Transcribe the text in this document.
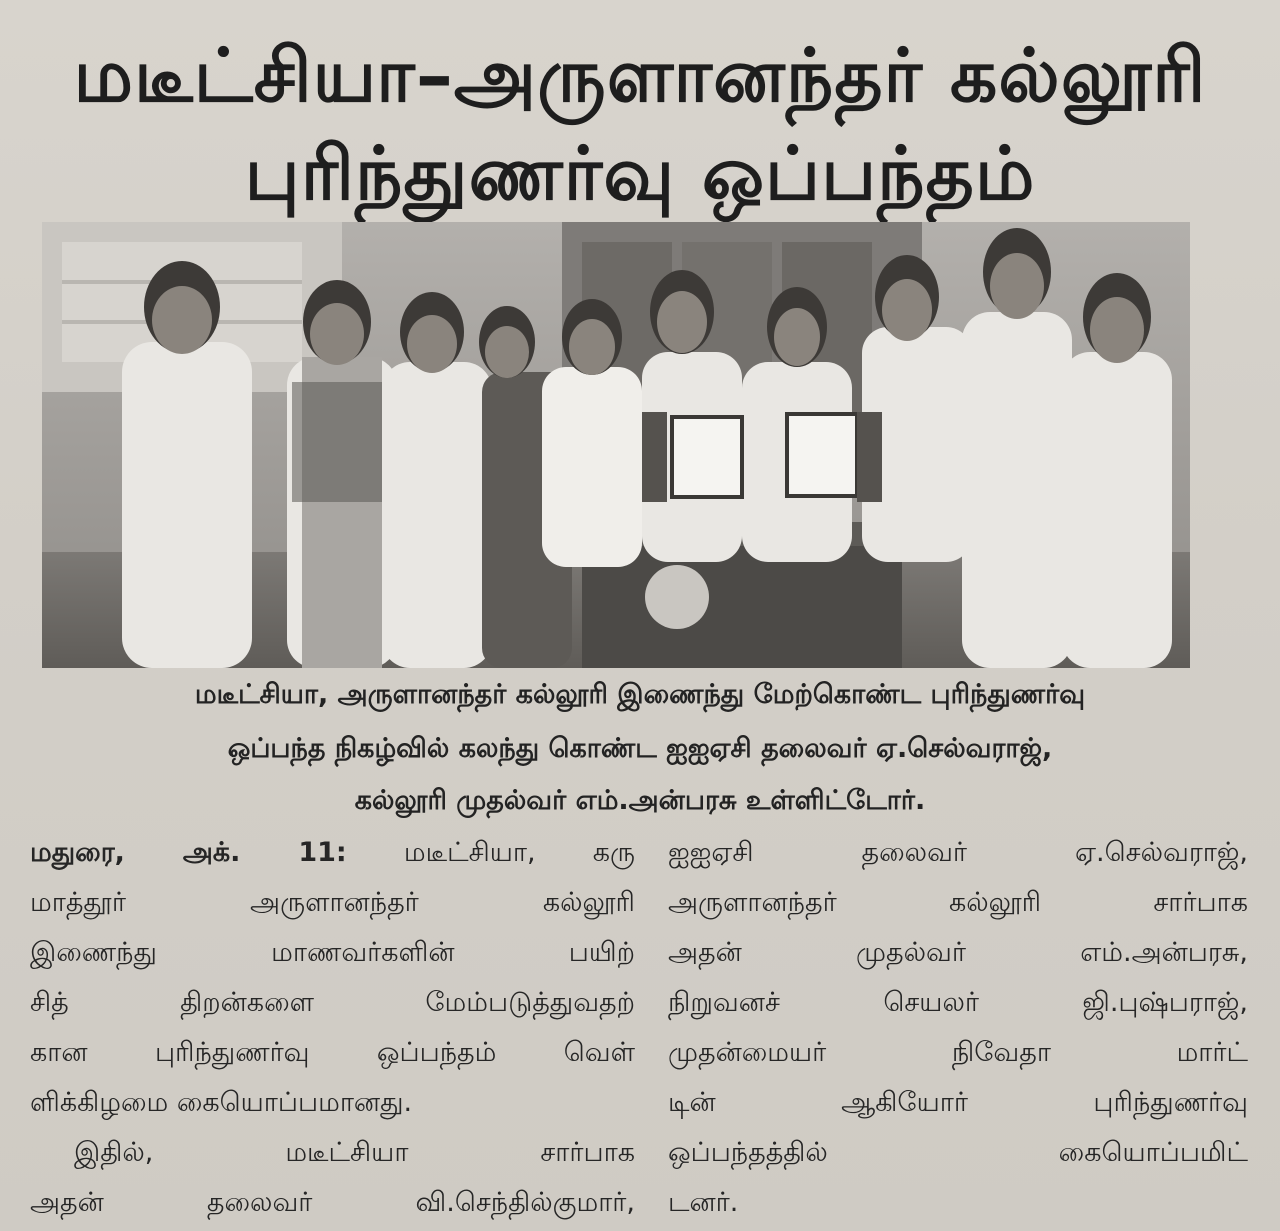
மடீட்சியா–அருளானந்தர் கல்லூரி
புரிந்துணர்வு ஒப்பந்தம்
மடீட்சியா, அருளானந்தர் கல்லூரி இணைந்து மேற்கொண்ட புரிந்துணர்வு
ஒப்பந்த நிகழ்வில் கலந்து கொண்ட ஐஐஏசி தலைவர் ஏ.செல்வராஜ்,
கல்லூரி முதல்வர் எம்.அன்பரசு உள்ளிட்டோர்.
மதுரை, அக். 11: மடீட்சியா, கரு
மாத்தூர் அருளானந்தர் கல்லூரி
இணைந்து மாணவர்களின் பயிற்
சித் திறன்களை மேம்படுத்துவதற்
கான புரிந்துணர்வு ஒப்பந்தம் வெள்
ளிக்கிழமை கையொப்பமானது.
இதில், மடீட்சியா சார்பாக
அதன் தலைவர் வி.செந்தில்குமார்,
ஐஐஏசி தலைவர் ஏ.செல்வராஜ்,
அருளானந்தர் கல்லூரி சார்பாக
அதன் முதல்வர் எம்.அன்பரசு,
நிறுவனச் செயலர் ஜி.புஷ்பராஜ்,
முதன்மையர் நிவேதா மார்ட்
டின் ஆகியோர் புரிந்துணர்வு
ஒப்பந்தத்தில் கையொப்பமிட்
டனர்.
